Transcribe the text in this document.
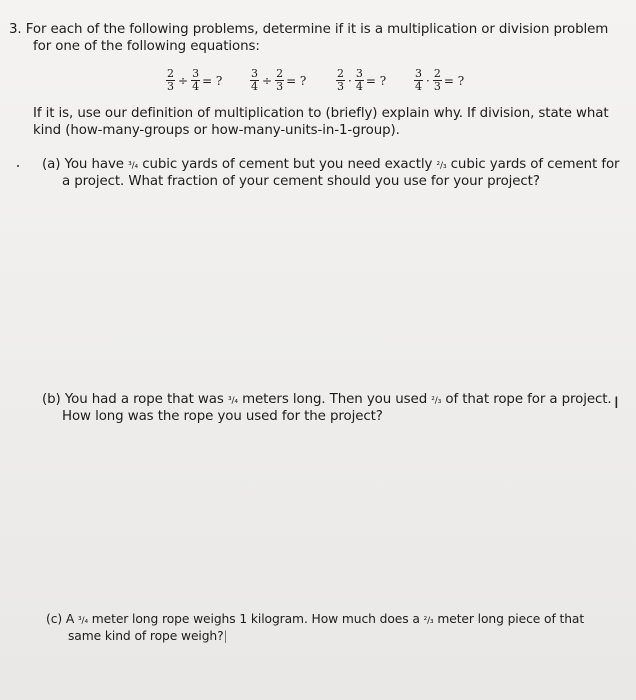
3. For each of the following problems, determine if it is a multiplication or division problem
for one of the following equations:
$\frac{2}{3} \div \frac{3}{4}$ = ?	$\frac{3}{4} \div \frac{2}{3}$ = ?	$\frac{2}{3} \cdot \frac{3}{4}$ = ?	$\frac{3}{4} \cdot \frac{2}{3}$ = ?
If it is, use our definition of multiplication to (briefly) explain why. If division, state what
kind (how-many-groups or how-many-units-in-1-group).
(a) You have ³/₄ cubic yards of cement but you need exactly ²/₃ cubic yards of cement for
a project. What fraction of your cement should you use for your project?
(b) You had a rope that was ³/₄ meters long. Then you used ²/₃ of that rope for a project. I
How long was the rope you used for the project?
(c) A ³/₄ meter long rope weighs 1 kilogram. How much does a ²/₃ meter long piece of that
same kind of rope weigh?|
